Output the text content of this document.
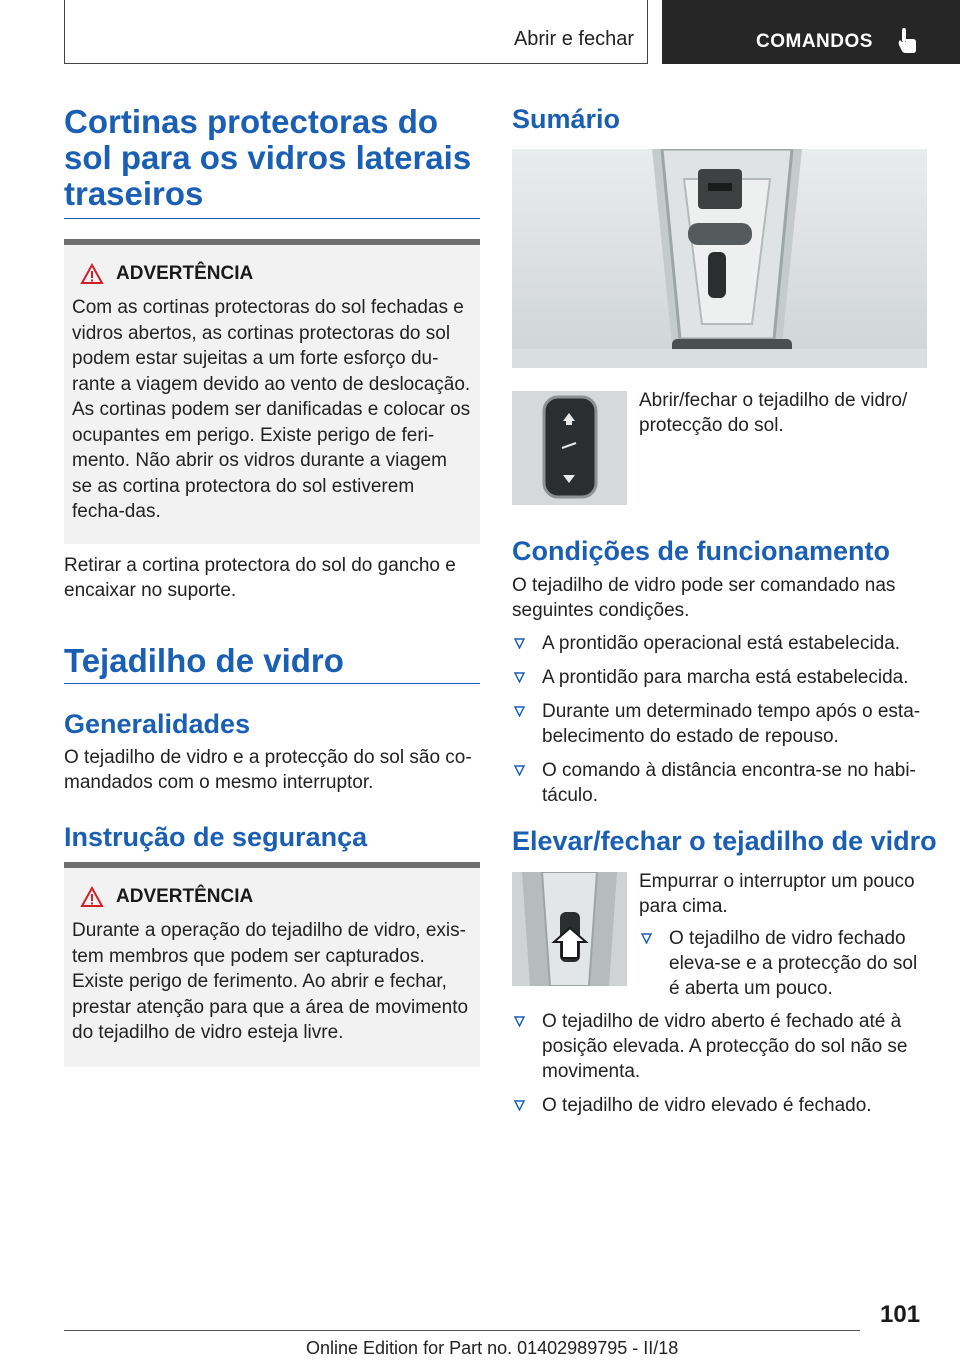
Abrir e fechar	COMANDOS
Cortinas protectoras do sol para os vidros laterais traseiros
ADVERTÊNCIA

Com as cortinas protectoras do sol fechadas e vidros abertos, as cortinas protectoras do sol podem estar sujeitas a um forte esforço du-rante a viagem devido ao vento de deslocação. As cortinas podem ser danificadas e colocar os ocupantes em perigo. Existe perigo de feri-mento. Não abrir os vidros durante a viagem se as cortina protectora do sol estiverem fecha-das.

Retirar a cortina protectora do sol do gancho e encaixar no suporte.

Tejadilho de vidro
Generalidades

O tejadilho de vidro e a protecção do sol são co-mandados com o mesmo interruptor.

Instrução de segurança
ADVERTÊNCIA

Durante a operação do tejadilho de vidro, exis-tem membros que podem ser capturados. Existe perigo de ferimento. Ao abrir e fechar, prestar atenção para que a área de movimento do tejadilho de vidro esteja livre.

Sumário

Abrir/fechar o tejadilho de vidro/ protecção do sol.

Condições de funcionamento

O tejadilho de vidro pode ser comandado nas seguintes condições.

A prontidão operacional está estabelecida.
A prontidão para marcha está estabelecida.
Durante um determinado tempo após o esta-belecimento do estado de repouso.
O comando à distância encontra-se no habi-táculo.
Elevar/fechar o tejadilho de vidro

Empurrar o interruptor um pouco para cima.

O tejadilho de vidro fechado eleva-se e a protecção do sol é aberta um pouco.
O tejadilho de vidro aberto é fechado até à posição elevada. A protecção do sol não se movimenta.
O tejadilho de vidro elevado é fechado.
101
Online Edition for Part no. 01402989795 - II/18
